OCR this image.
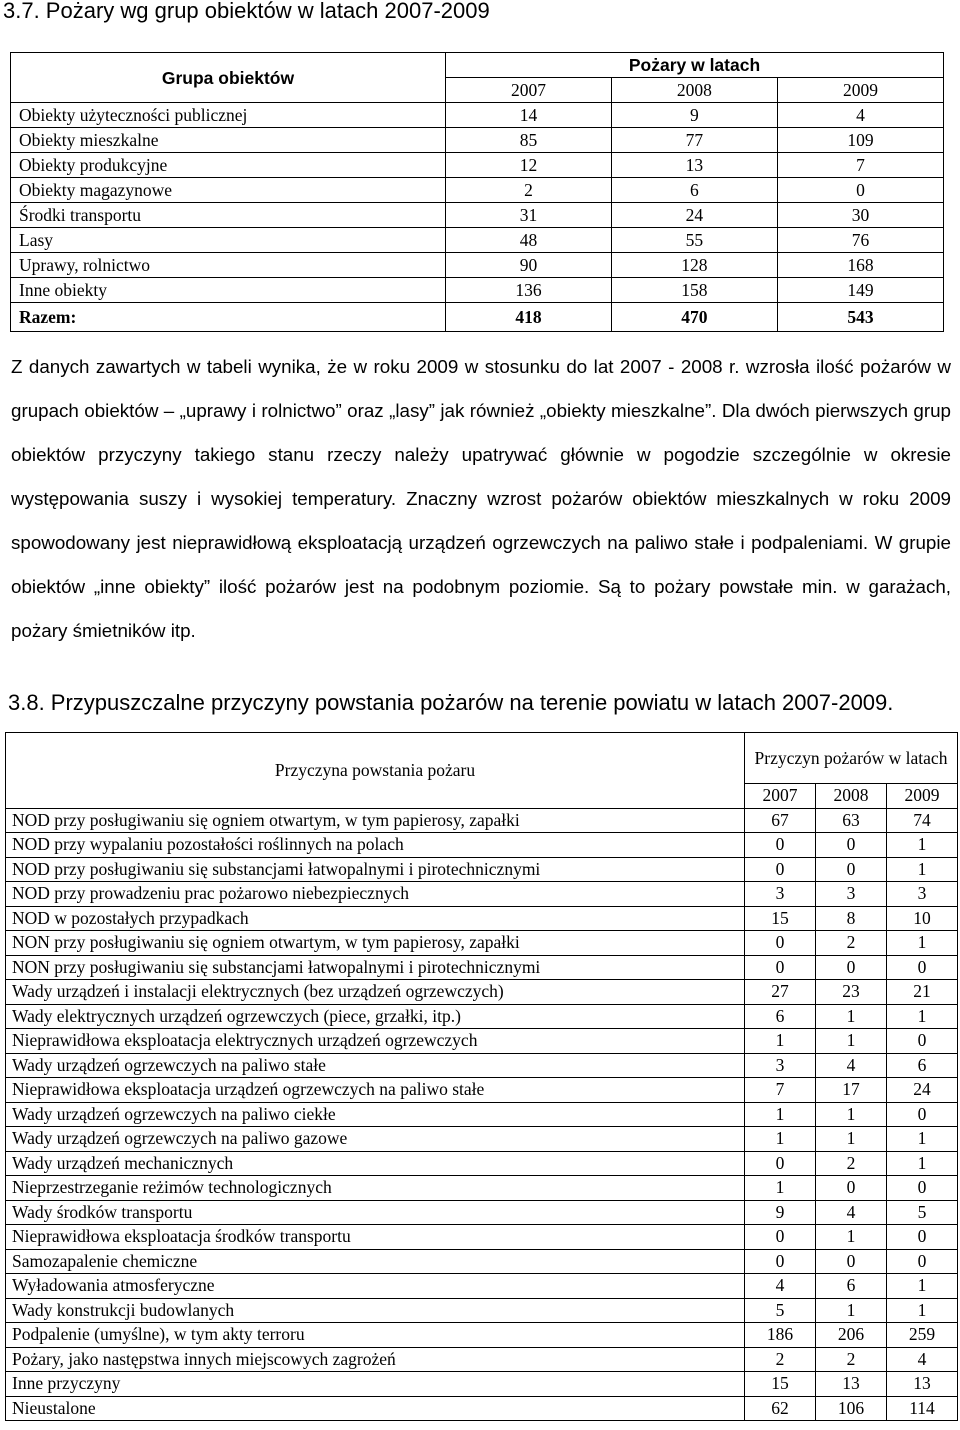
3.7. Pożary wg grup obiektów w latach 2007-2009
Grupa obiektów	Pożary w latach		
	2007	2008	2009
Obiekty użyteczności publicznej	14	9	4
Obiekty mieszkalne	85	77	109
Obiekty produkcyjne	12	13	7
Obiekty magazynowe	2	6	0
Środki transportu	31	24	30
Lasy	48	55	76
Uprawy, rolnictwo	90	128	168
Inne obiekty	136	158	149
Razem:	418	470	543
Z danych zawartych w tabeli wynika, że w roku 2009 w stosunku do lat 2007 - 2008 r. wzrosła ilość pożarów w grupach obiektów – „uprawy i rolnictwo” oraz „lasy” jak również „obiekty mieszkalne”. Dla dwóch pierwszych grup obiektów przyczyny takiego stanu rzeczy należy upatrywać głównie w pogodzie szczególnie w okresie występowania suszy i wysokiej temperatury. Znaczny wzrost pożarów obiektów mieszkalnych w roku 2009 spowodowany jest nieprawidłową eksploatacją urządzeń ogrzewczych na paliwo stałe i podpaleniami. W grupie obiektów „inne obiekty” ilość pożarów jest na podobnym poziomie. Są to pożary powstałe min. w garażach, pożary śmietników itp.
3.8. Przypuszczalne przyczyny powstania pożarów na terenie powiatu w latach 2007-2009.
Przyczyna powstania pożaru	Przyczyn pożarów w latach		
	2007	2008	2009
NOD przy posługiwaniu się ogniem otwartym, w tym papierosy, zapałki	67	63	74
NOD przy wypalaniu pozostałości roślinnych na polach	0	0	1
NOD przy posługiwaniu się substancjami łatwopalnymi i pirotechnicznymi	0	0	1
NOD przy prowadzeniu prac pożarowo niebezpiecznych	3	3	3
NOD w pozostałych przypadkach	15	8	10
NON przy posługiwaniu się ogniem otwartym, w tym papierosy, zapałki	0	2	1
NON przy posługiwaniu się substancjami łatwopalnymi i pirotechnicznymi	0	0	0
Wady urządzeń i instalacji elektrycznych (bez urządzeń ogrzewczych)	27	23	21
Wady elektrycznych urządzeń ogrzewczych (piece, grzałki, itp.)	6	1	1
Nieprawidłowa eksploatacja elektrycznych urządzeń ogrzewczych	1	1	0
Wady urządzeń ogrzewczych na paliwo stałe	3	4	6
Nieprawidłowa eksploatacja urządzeń ogrzewczych na paliwo stałe	7	17	24
Wady urządzeń ogrzewczych na paliwo ciekłe	1	1	0
Wady urządzeń ogrzewczych na paliwo gazowe	1	1	1
Wady urządzeń mechanicznych	0	2	1
Nieprzestrzeganie reżimów technologicznych	1	0	0
Wady środków transportu	9	4	5
Nieprawidłowa eksploatacja środków transportu	0	1	0
Samozapalenie chemiczne	0	0	0
Wyładowania atmosferyczne	4	6	1
Wady konstrukcji budowlanych	5	1	1
Podpalenie (umyślne), w tym akty terroru	186	206	259
Pożary, jako następstwa innych miejscowych zagrożeń	2	2	4
Inne przyczyny	15	13	13
Nieustalone	62	106	114
